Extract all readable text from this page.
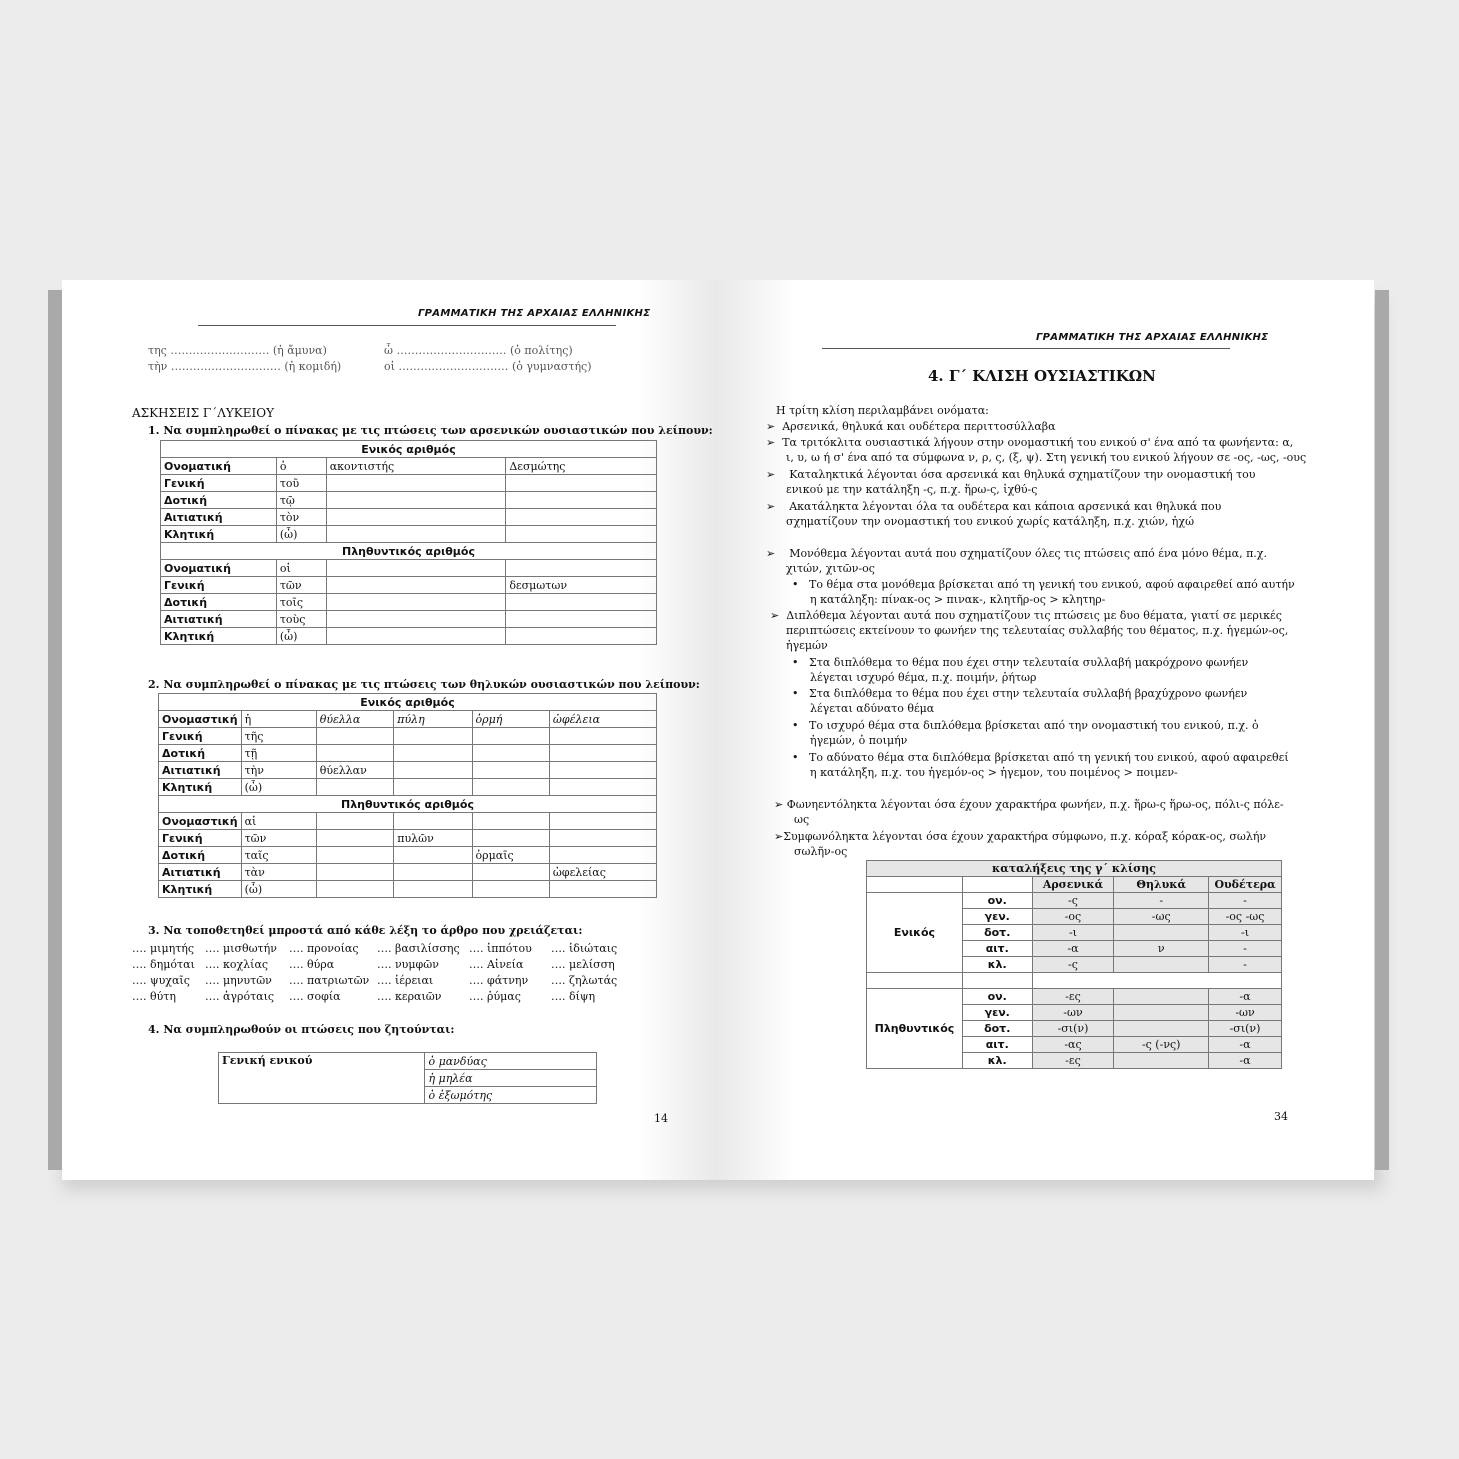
ΓΡΑΜΜΑΤΙΚΗ ΤΗΣ ΑΡΧΑΙΑΣ ΕΛΛΗΝΙΚΗΣ
της ……………………… (ἡ ἄμυνα)	ὦ ………………………… (ὁ πολίτης)
τὴν ………………………… (ἡ κομιδή)	οἱ ………………………… (ὁ γυμναστής)
ΑΣΚΗΣΕΙΣ Γ΄ΛΥΚΕΙΟΥ
1. Να συμπληρωθεί ο πίνακας με τις πτώσεις των αρσενικών ουσιαστικών που λείπουν:
Ενικός αριθμός			
Ονοματική	ὁ	ακοντιστής	Δεσμώτης
Γενική	τοῦ		
Δοτική	τῷ		
Αιτιατική	τὸν		
Κλητική	(ὦ)		
Πληθυντικός αριθμός			
Ονοματική	οἱ		
Γενική	τῶν		δεσμωτων
Δοτική	τοῖς		
Αιτιατική	τοὺς		
Κλητική	(ὦ)		
2. Να συμπληρωθεί ο πίνακας με τις πτώσεις των θηλυκών ουσιαστικών που λείπουν:
Ενικός αριθμός					
Ονομαστική	ἡ	θύελλα	πύλη	ὁρμή	ὠφέλεια
Γενική	τῆς				
Δοτική	τῇ				
Αιτιατική	τὴν	θύελλαν			
Κλητική	(ὦ)				
Πληθυντικός αριθμός					
Ονομαστική	αἱ				
Γενική	τῶν		πυλῶν		
Δοτική	ταῖς			ὁρμαῖς	
Αιτιατική	τὰν				ὠφελείας
Κλητική	(ὦ)				
3. Να τοποθετηθεί μπροστά από κάθε λέξη το άρθρο που χρειάζεται:
…. μιμητής …. μισθωτήν …. προνοίας …. βασιλίσσης …. ἱππότου …. ἰδιώταις
…. δημόται …. κοχλίας …. θύρα	…. νυμφῶν	…. Αἰνεία	…. μελίσση
…. ψυχαῖς …. μηνυτῶν …. πατριωτῶν …. ἱέρειαι	…. φάτνην …. ζηλωτάς
…. θύτη	…. ἀγρόταις …. σοφία	…. κεραιῶν	…. ῥύμας	…. δίψη
4. Να συμπληρωθούν οι πτώσεις που ζητούνται:
Γενική ενικού	ὁ μανδύας
ἡ μηλέα
ὁ ἐξωμότης
14
ΓΡΑΜΜΑΤΙΚΗ ΤΗΣ ΑΡΧΑΙΑΣ ΕΛΛΗΝΙΚΗΣ
4. Γ΄ ΚΛΙΣΗ ΟΥΣΙΑΣΤΙΚΩΝ
Η τρίτη κλίση περιλαμβάνει ονόματα:
➢ Αρσενικά, θηλυκά και ουδέτερα περιττοσύλλαβα
➢ Τα τριτόκλιτα ουσιαστικά λήγουν στην ονομαστική του ενικού σ' ένα από τα φωνήεντα: α,
ι, υ, ω ή σ' ένα από τα σύμφωνα ν, ρ, ς, (ξ, ψ). Στη γενική του ενικού λήγουν σε -ος, -ως, -ους
➢ Καταληκτικά λέγονται όσα αρσενικά και θηλυκά σχηματίζουν την ονομαστική του
ενικού με την κατάληξη -ς, π.χ. ἥρω-ς, ἰχθύ-ς
➢ Ακατάληκτα λέγονται όλα τα ουδέτερα και κάποια αρσενικά και θηλυκά που
σχηματίζουν την ονομαστική του ενικού χωρίς κατάληξη, π.χ. χιών, ἠχώ
➢ Μονόθεμα λέγονται αυτά που σχηματίζουν όλες τις πτώσεις από ένα μόνο θέμα, π.χ.
χιτών, χιτῶν-ος
•   Το θέμα στα μονόθεμα βρίσκεται από τη γενική του ενικού, αφού αφαιρεθεί από αυτήν
η κατάληξη: πίνακ-ος > πινακ-, κλητῆρ-ος > κλητηρ-
➢ Διπλόθεμα λέγονται αυτά που σχηματίζουν τις πτώσεις με δυο θέματα, γιατί σε μερικές
περιπτώσεις εκτείνουν το φωνήεν της τελευταίας συλλαβής του θέματος, π.χ. ἡγεμών-ος,
ἡγεμών
•   Στα διπλόθεμα το θέμα που έχει στην τελευταία συλλαβή μακρόχρονο φωνήεν
λέγεται ισχυρό θέμα, π.χ. ποιμήν, ῥήτωρ
•   Στα διπλόθεμα το θέμα που έχει στην τελευταία συλλαβή βραχύχρονο φωνήεν
λέγεται αδύνατο θέμα
•   Το ισχυρό θέμα στα διπλόθεμα βρίσκεται από την ονομαστική του ενικού, π.χ. ὁ
ἡγεμών, ὁ ποιμήν
•   Το αδύνατο θέμα στα διπλόθεμα βρίσκεται από τη γενική του ενικού, αφού αφαιρεθεί
η κατάληξη, π.χ. του ἡγεμόν-ος > ἡγεμον, του ποιμένος > ποιμεν-
➢ Φωνηεντόληκτα λέγονται όσα έχουν χαρακτήρα φωνήεν, π.χ. ἥρω-ς ἥρω-ος, πόλι-ς πόλε-
ως
➢Συμφωνόληκτα λέγονται όσα έχουν χαρακτήρα σύμφωνο, π.χ. κόραξ κόρακ-ος, σωλήν
σωλῆν-ος
καταλήξεις της γ΄ κλίσης				
		Αρσενικά	Θηλυκά	Ουδέτερα
Ενικός	ον.	-ς	-	-
	γεν.	-ος	-ως	-ος -ως
	δοτ.	-ι		-ι
	αιτ.	-α	ν	-
	κλ.	-ς		-

Πληθυντικός	ον.	-ες		-α
	γεν.	-ων		-ων
	δοτ.	-σι(ν)		-σι(ν)
	αιτ.	-ας	-ς (-νς)	-α
	κλ.	-ες		-α
34
